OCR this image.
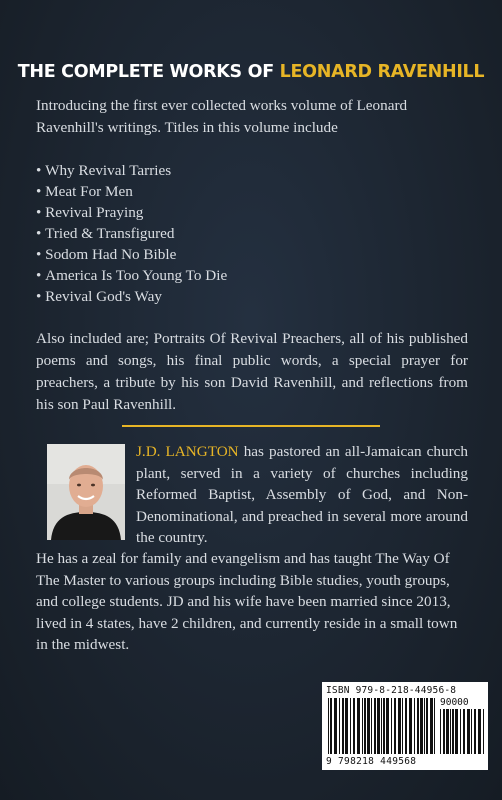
THE COMPLETE WORKS OF LEONARD RAVENHILL

Introducing the first ever collected works volume of Leonard Ravenhill's writings. Titles in this volume include

• Why Revival Tarries
• Meat For Men
• Revival Praying
• Tried & Transfigured
• Sodom Had No Bible
• America Is Too Young To Die
• Revival God's Way

Also included are; Portraits Of Revival Preachers, all of his published poems and songs, his final public words, a special prayer for preachers, a tribute by his son David Ravenhill, and reflections from his son Paul Ravenhill.

J.D. LANGTON has pastored an all-Jamaican church plant, served in a variety of churches including Reformed Baptist, Assembly of God, and Non-Denominational, and preached in several more around the country.

He has a zeal for family and evangelism and has taught The Way Of The Master to various groups including Bible studies, youth groups, and college students. JD and his wife have been married since 2013, lived in 4 states, have 2 children, and currently reside in a small town in the midwest.

ISBN 979-8-218-44956-8
90000
9 798218 449568
